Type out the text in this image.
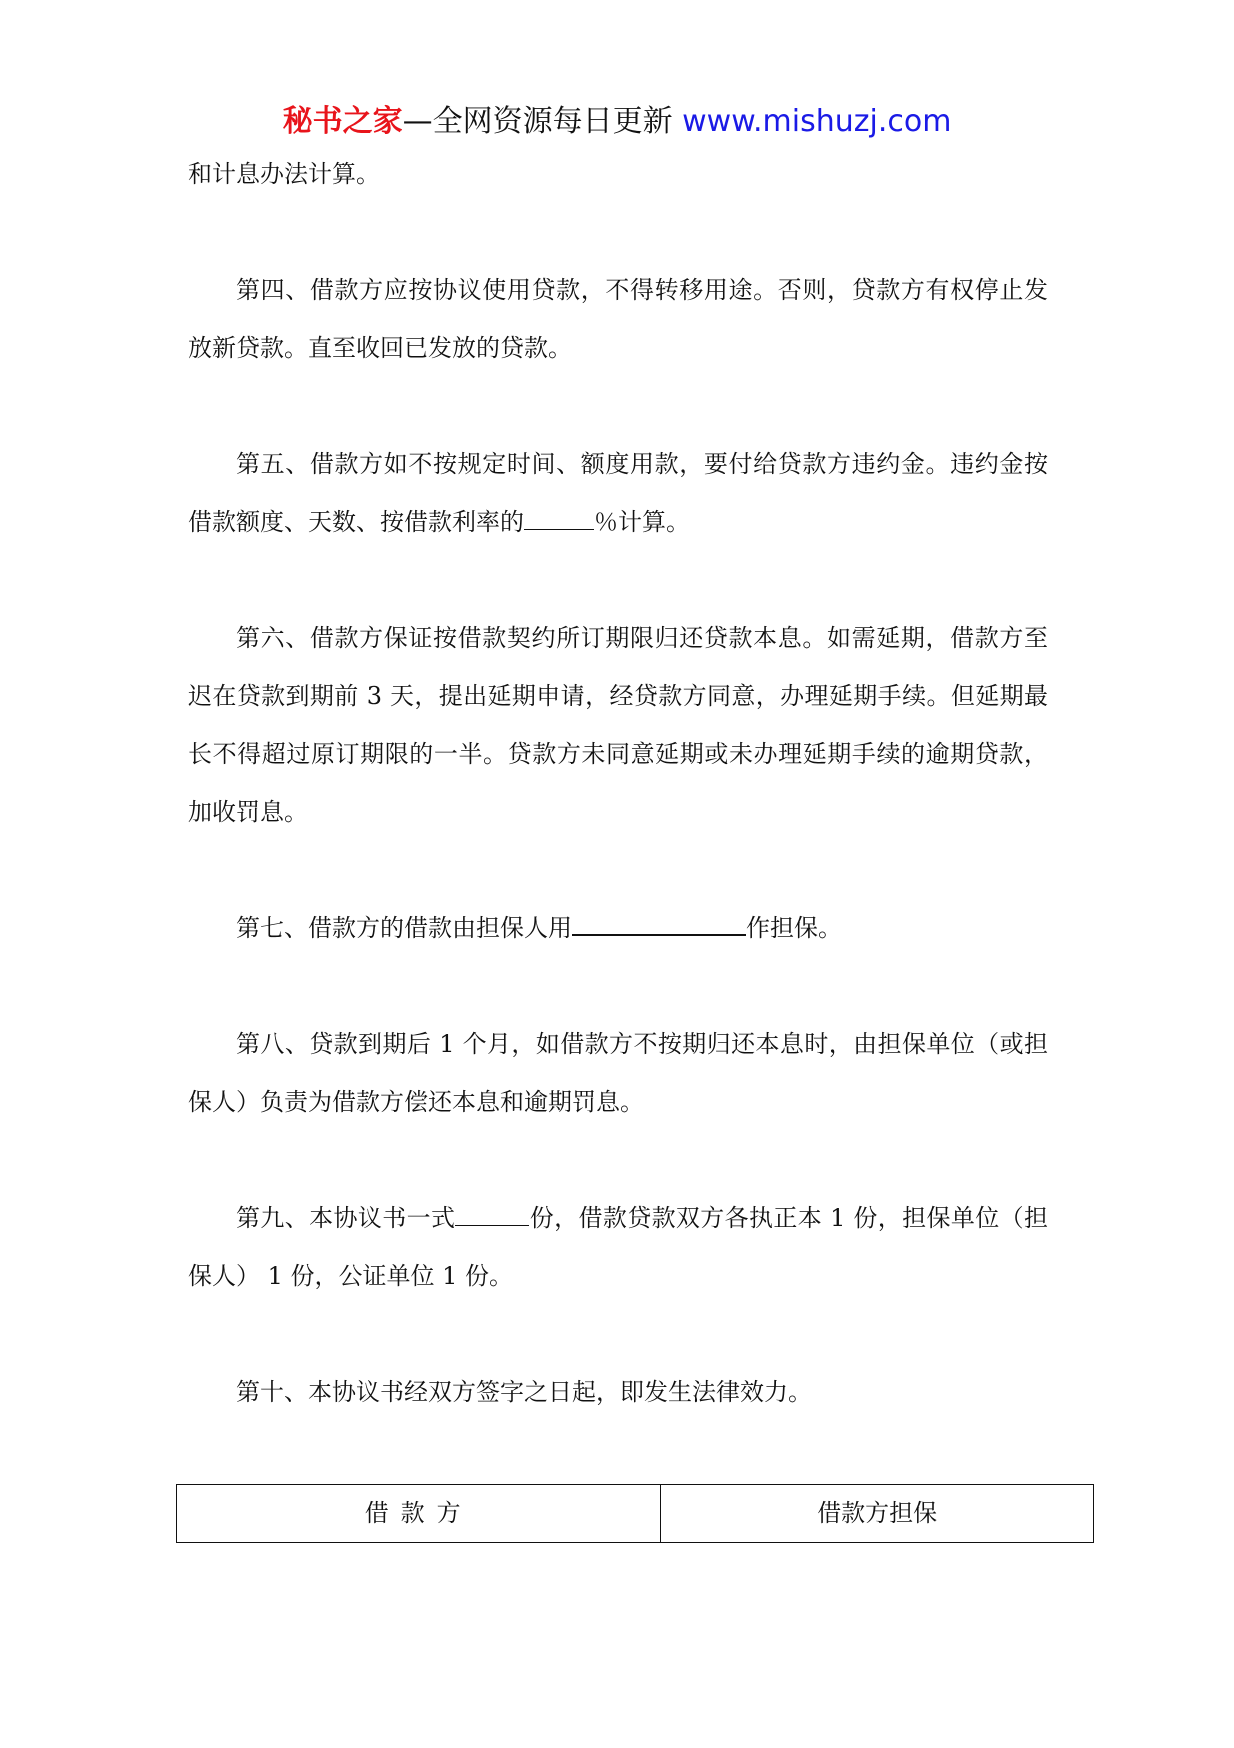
秘书之家—全网资源每日更新 www.mishuzj.com

和计息办法计算。

第四、借款方应按协议使用贷款，不得转移用途。否则，贷款方有权停止发放新贷款。直至收回已发放的贷款。

第五、借款方如不按规定时间、额度用款，要付给贷款方违约金。违约金按借款额度、天数、按借款利率的	％计算。

第六、借款方保证按借款契约所订期限归还贷款本息。如需延期，借款方至迟在贷款到期前 3 天，提出延期申请，经贷款方同意，办理延期手续。但延期最长不得超过原订期限的一半。贷款方未同意延期或未办理延期手续的逾期贷款，加收罚息。

第七、借款方的借款由担保人用	作担保。

第八、贷款到期后 1 个月，如借款方不按期归还本息时，由担保单位（或担保人）负责为借款方偿还本息和逾期罚息。

第九、本协议书一式	份，借款贷款双方各执正本 1 份，担保单位（担保人） 1 份，公证单位 1 份。

第十、本协议书经双方签字之日起，即发生法律效力。

借款方	借款方担保
